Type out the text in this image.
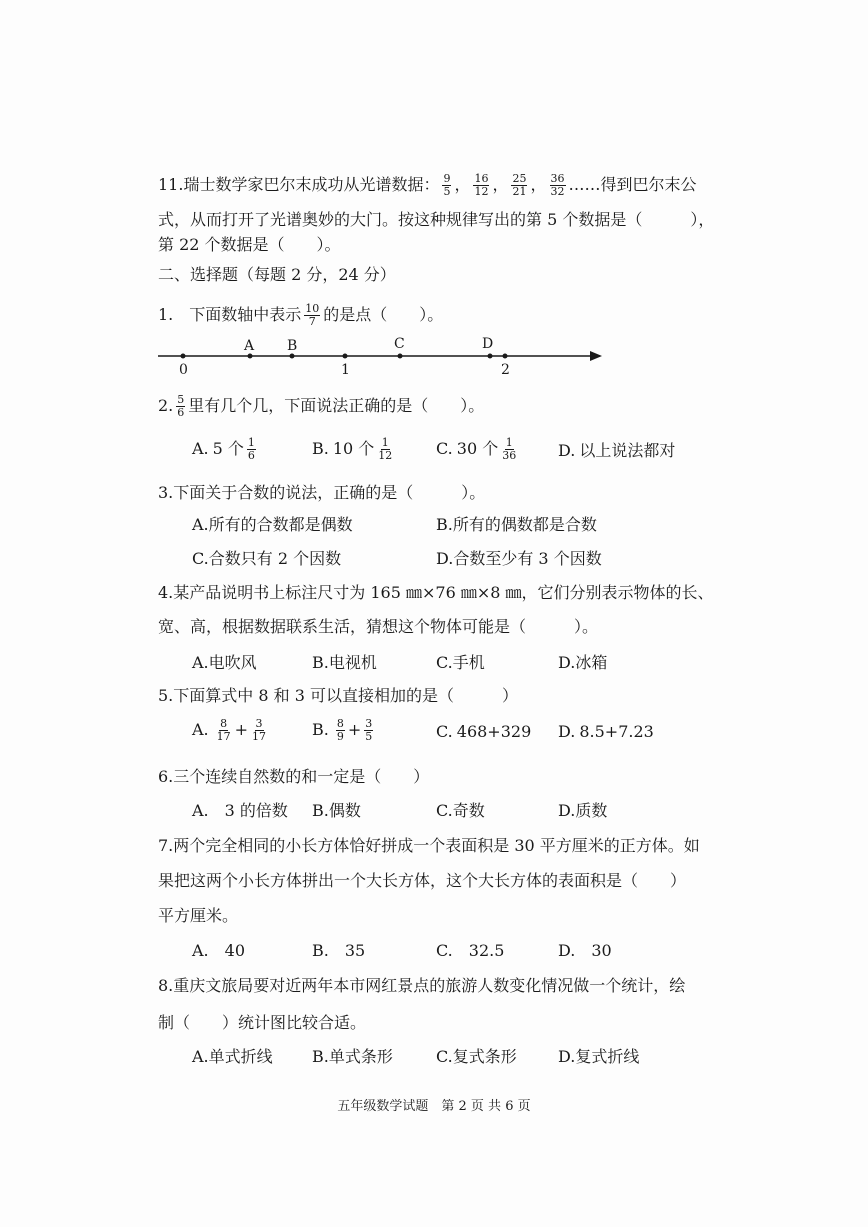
11.瑞士数学家巴尔末成功从光谱数据： $\frac{9}{5}$ ， $\frac{16}{12}$ ， $\frac{25}{21}$ ， $\frac{36}{32}$ ……得到巴尔末公
式，从而打开了光谱奥妙的大门。按这种规律写出的第 5 个数据是（　　　），
第 22 个数据是（　　）。
二、选择题（每题 2 分，24 分）
1.　下面数轴中表示 $\frac{10}{7}$ 的是点（　　）。
A B	C	D
0	1	2
2. $\frac{5}{6}$ 里有几个几，下面说法正确的是（　　）。
A. 5 个 $\frac{1}{6}$	B. 10 个 $\frac{1}{12}$	C. 30 个 $\frac{1}{36}$	D. 以上说法都对
3.下面关于合数的说法，正确的是（　　　）。
A.所有的合数都是偶数	B.所有的偶数都是合数
C.合数只有 2 个因数	D.合数至少有 3 个因数
4.某产品说明书上标注尺寸为 165 ㎜×76 ㎜×8 ㎜，它们分别表示物体的长、
宽、高，根据数据联系生活，猜想这个物体可能是（　　　）。
A.电吹风	B.电视机	C.手机	D.冰箱
5.下面算式中 8 和 3 可以直接相加的是（　　　）
A. $\frac{8}{17} + \frac{3}{17}$	B. $\frac{8}{9} + \frac{3}{5}$	C. 468+329 D. 8.5+7.23
6.三个连续自然数的和一定是（　　）
A.　3 的倍数 B.偶数	C.奇数	D.质数
7.两个完全相同的小长方体恰好拼成一个表面积是 30 平方厘米的正方体。如
果把这两个小长方体拼出一个大长方体，这个大长方体的表面积是（　　）
平方厘米。
A.　40	B.　35	C.　32.5	D.　30
8.重庆文旅局要对近两年本市网红景点的旅游人数变化情况做一个统计，绘
制（　　）统计图比较合适。
A.单式折线 B.单式条形	C.复式条形	D.复式折线
五年级数学试题　第 2 页 共 6 页
